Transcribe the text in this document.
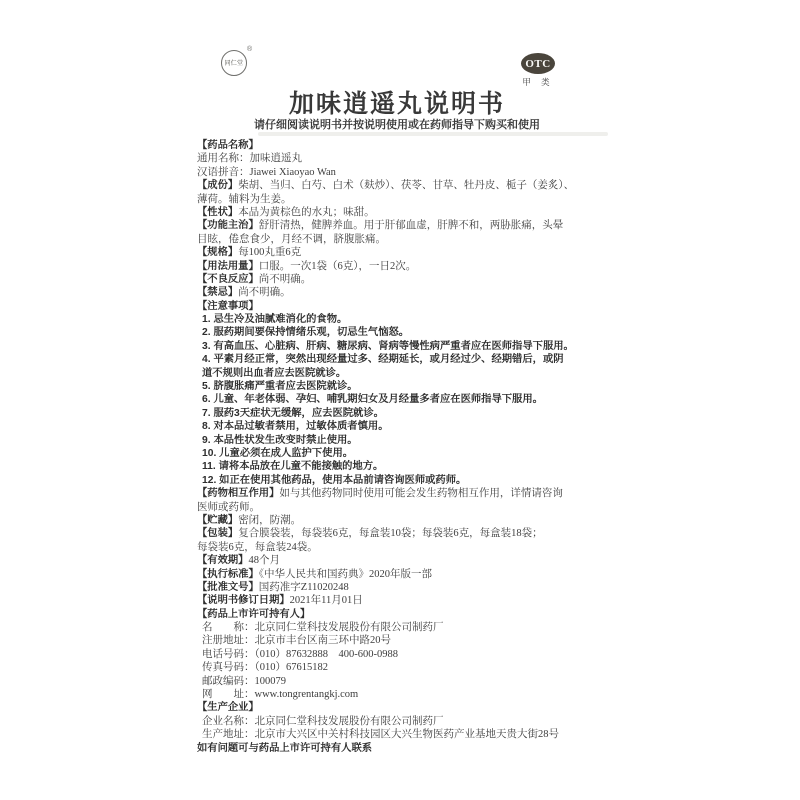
同仁堂
®
OTC
甲 类
加味逍遥丸说明书
请仔细阅读说明书并按说明使用或在药师指导下购买和使用
【药品名称】
通用名称：加味逍遥丸
汉语拼音：Jiawei Xiaoyao Wan
【成份】柴胡、当归、白芍、白术（麸炒）、茯苓、甘草、牡丹皮、栀子（姜炙）、
薄荷。辅料为生姜。
【性状】本品为黄棕色的水丸；味甜。
【功能主治】舒肝清热，健脾养血。用于肝郁血虚，肝脾不和，两胁胀痛，头晕
目眩，倦怠食少，月经不调，脐腹胀痛。
【规格】每100丸重6克
【用法用量】口服。一次1袋（6克），一日2次。
【不良反应】尚不明确。
【禁忌】尚不明确。
【注意事项】
1. 忌生冷及油腻难消化的食物。
2. 服药期间要保持情绪乐观，切忌生气恼怒。
3. 有高血压、心脏病、肝病、糖尿病、肾病等慢性病严重者应在医师指导下服用。
4. 平素月经正常，突然出现经量过多、经期延长，或月经过少、经期错后，或阴
道不规则出血者应去医院就诊。
5. 脐腹胀痛严重者应去医院就诊。
6. 儿童、年老体弱、孕妇、哺乳期妇女及月经量多者应在医师指导下服用。
7. 服药3天症状无缓解，应去医院就诊。
8. 对本品过敏者禁用，过敏体质者慎用。
9. 本品性状发生改变时禁止使用。
10. 儿童必须在成人监护下使用。
11. 请将本品放在儿童不能接触的地方。
12. 如正在使用其他药品，使用本品前请咨询医师或药师。
【药物相互作用】如与其他药物同时使用可能会发生药物相互作用，详情请咨询
医师或药师。
【贮藏】密闭，防潮。
【包装】复合膜袋装，每袋装6克，每盒装10袋；每袋装6克，每盒装18袋；
每袋装6克，每盒装24袋。
【有效期】48个月
【执行标准】《中华人民共和国药典》2020年版一部
【批准文号】国药准字Z11020248
【说明书修订日期】2021年11月01日
【药品上市许可持有人】
名　　称：北京同仁堂科技发展股份有限公司制药厂
注册地址：北京市丰台区南三环中路20号
电话号码：（010）87632888　400-600-0988
传真号码：（010）67615182
邮政编码：100079
网　　址：www.tongrentangkj.com
【生产企业】
企业名称：北京同仁堂科技发展股份有限公司制药厂
生产地址：北京市大兴区中关村科技园区大兴生物医药产业基地天贵大街28号
如有问题可与药品上市许可持有人联系
